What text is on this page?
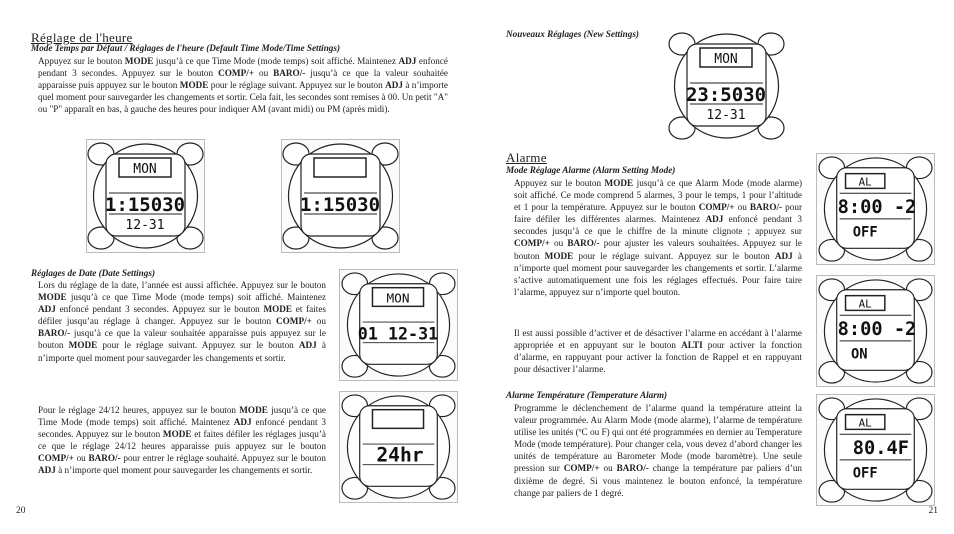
Réglage de l'heure
Mode Temps par Défaut / Réglages de l'heure (Default Time Mode/Time Settings)
Appuyez sur le bouton MODE jusqu’à ce que Time Mode (mode temps) soit affiché. Maintenez ADJ enfoncé pendant 3 secondes. Appuyez sur le bouton COMP/+ ou BARO/- jusqu’à ce que la valeur souhaitée apparaisse puis appuyez sur le bouton MODE pour le réglage suivant. Appuyez sur le bouton ADJ à n’importe quel moment pour sauvegarder les changements et sortir. Cela fait, les secondes sont remises à 00. Un petit "A" ou "P" apparaît en bas, à gauche des heures pour indiquer AM (avant midi) ou PM (après midi).
MON
1:15030
12-31
1:15030
Réglages de Date (Date Settings)
Lors du réglage de la date, l’année est aussi affichée. Appuyez sur le bouton MODE jusqu’à ce que Time Mode (mode temps) soit affiché. Maintenez ADJ enfoncé pendant 3 secondes. Appuyez sur le bouton MODE et faites défiler jusqu’au réglage à changer. Appuyez sur le bouton COMP/+ ou BARO/- jusqu’à ce que la valeur souhaitée apparaisse puis appuyez sur le bouton MODE pour le réglage suivant. Appuyez sur le bouton ADJ à n’importe quel moment pour sauvegarder les changements et sortir.
MON
01 12-31
Pour le réglage 24/12 heures, appuyez sur le bouton MODE jusqu’à ce que Time Mode (mode temps) soit affiché. Maintenez ADJ enfoncé pendant 3 secondes. Appuyez sur le bouton MODE et faites défiler les réglages jusqu’à ce que le réglage 24/12 heures apparaisse puis appuyez sur le bouton COMP/+ ou BARO/- pour entrer le réglage souhaité. Appuyez sur le bouton ADJ à n’importe quel moment pour sauvegarder les changements et sortir.
24hr
20
Nouveaux Réglages (New Settings)
MON
23:5030
12-31
Alarme
Mode Réglage Alarme (Alarm Setting Mode)
Appuyez sur le bouton MODE jusqu’à ce que Alarm Mode (mode alarme) soit affiché. Ce mode comprend 5 alarmes, 3 pour le temps, 1 pour l’altitude et 1 pour la température. Appuyez sur le bouton COMP/+ ou BARO/- pour faire défiler les différentes alarmes. Maintenez ADJ enfoncé pendant 3 secondes jusqu’à ce que le chiffre de la minute clignote ; appuyez sur COMP/+ ou BARO/- pour ajuster les valeurs souhaitées. Appuyez sur le bouton MODE pour le réglage suivant. Appuyez sur le bouton ADJ à n’importe quel moment pour sauvegarder les changements et sortir. L’alarme s’active automatiquement une fois les réglages effectués. Pour faire taire l’alarme, appuyez sur n’importe quel bouton.
Il est aussi possible d’activer et de désactiver l’alarme en accédant à l’alarme appropriée et en appuyant sur le bouton ALTI pour activer la fonction d’alarme, en rappuyant pour activer la fonction de Rappel et en rappuyant pour désactiver l’alarme.
Alarme Température (Temperature Alarm)
Programme le déclenchement de l’alarme quand la température atteint la valeur programmée. Au Alarm Mode (mode alarme), l’alarme de température utilise les unités (ºC ou F) qui ont été programmées en dernier au Temperature Mode (mode température). Pour changer cela, vous devez d’abord changer les unités de température au Barometer Mode (mode baromètre). Une seule pression sur COMP/+ ou BARO/- change la température par paliers d’un dixième de degré. Si vous maintenez le bouton enfoncé, la température change par paliers de 1 degré.
AL
8:00 -2
OFF
AL
8:00 -2
ON
AL
80.4F
OFF
21
